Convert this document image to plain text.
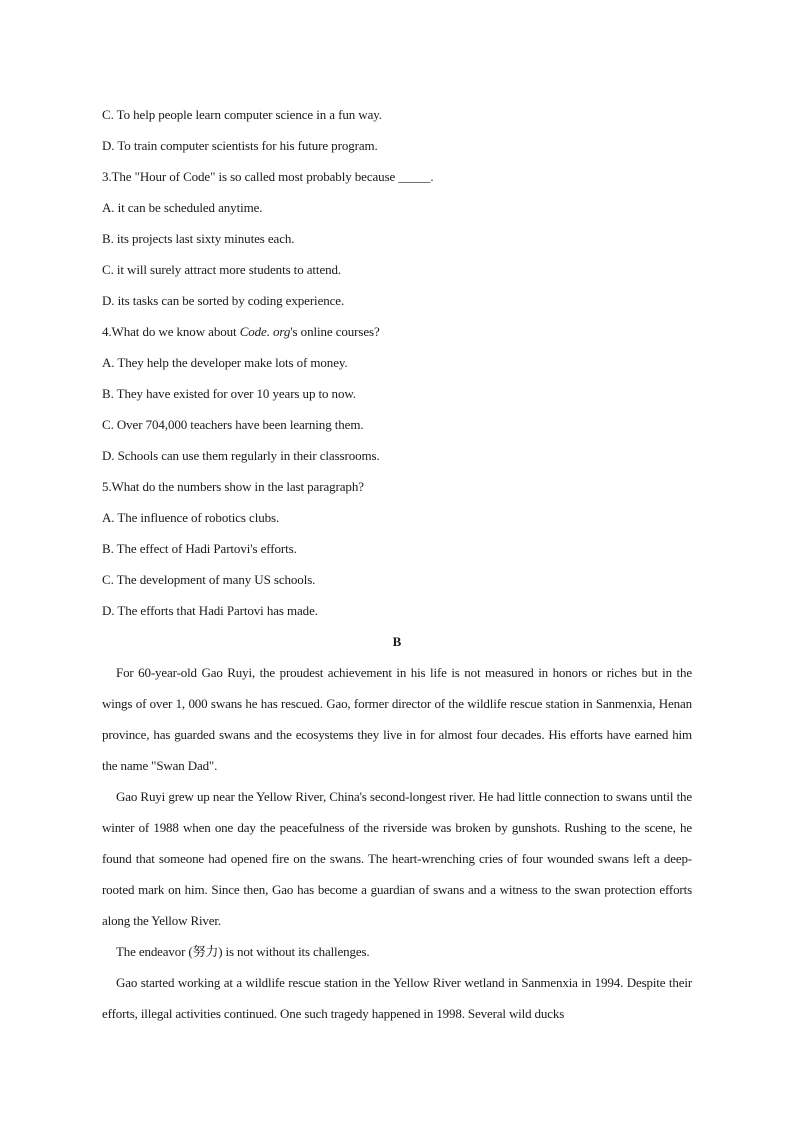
C. To help people learn computer science in a fun way.
D. To train computer scientists for his future program.
3.The "Hour of Code" is so called most probably because _____.
A. it can be scheduled anytime.
B. its projects last sixty minutes each.
C. it will surely attract more students to attend.
D. its tasks can be sorted by coding experience.
4.What do we know about Code. org's online courses?
A. They help the developer make lots of money.
B. They have existed for over 10 years up to now.
C. Over 704,000 teachers have been learning them.
D. Schools can use them regularly in their classrooms.
5.What do the numbers show in the last paragraph?
A. The influence of robotics clubs.
B. The effect of Hadi Partovi's efforts.
C. The development of many US schools.
D. The efforts that Hadi Partovi has made.
B

For 60-year-old Gao Ruyi, the proudest achievement in his life is not measured in honors or riches but in the wings of over 1, 000 swans he has rescued. Gao, former director of the wildlife rescue station in Sanmenxia, Henan province, has guarded swans and the ecosystems they live in for almost four decades. His efforts have earned him the name "Swan Dad".

Gao Ruyi grew up near the Yellow River, China's second-longest river. He had little connection to swans until the winter of 1988 when one day the peacefulness of the riverside was broken by gunshots. Rushing to the scene, he found that someone had opened fire on the swans. The heart-wrenching cries of four wounded swans left a deep-rooted mark on him. Since then, Gao has become a guardian of swans and a witness to the swan protection efforts along the Yellow River.

The endeavor (努力) is not without its challenges.

Gao started working at a wildlife rescue station in the Yellow River wetland in Sanmenxia in 1994. Despite their efforts, illegal activities continued. One such tragedy happened in 1998. Several wild ducks
